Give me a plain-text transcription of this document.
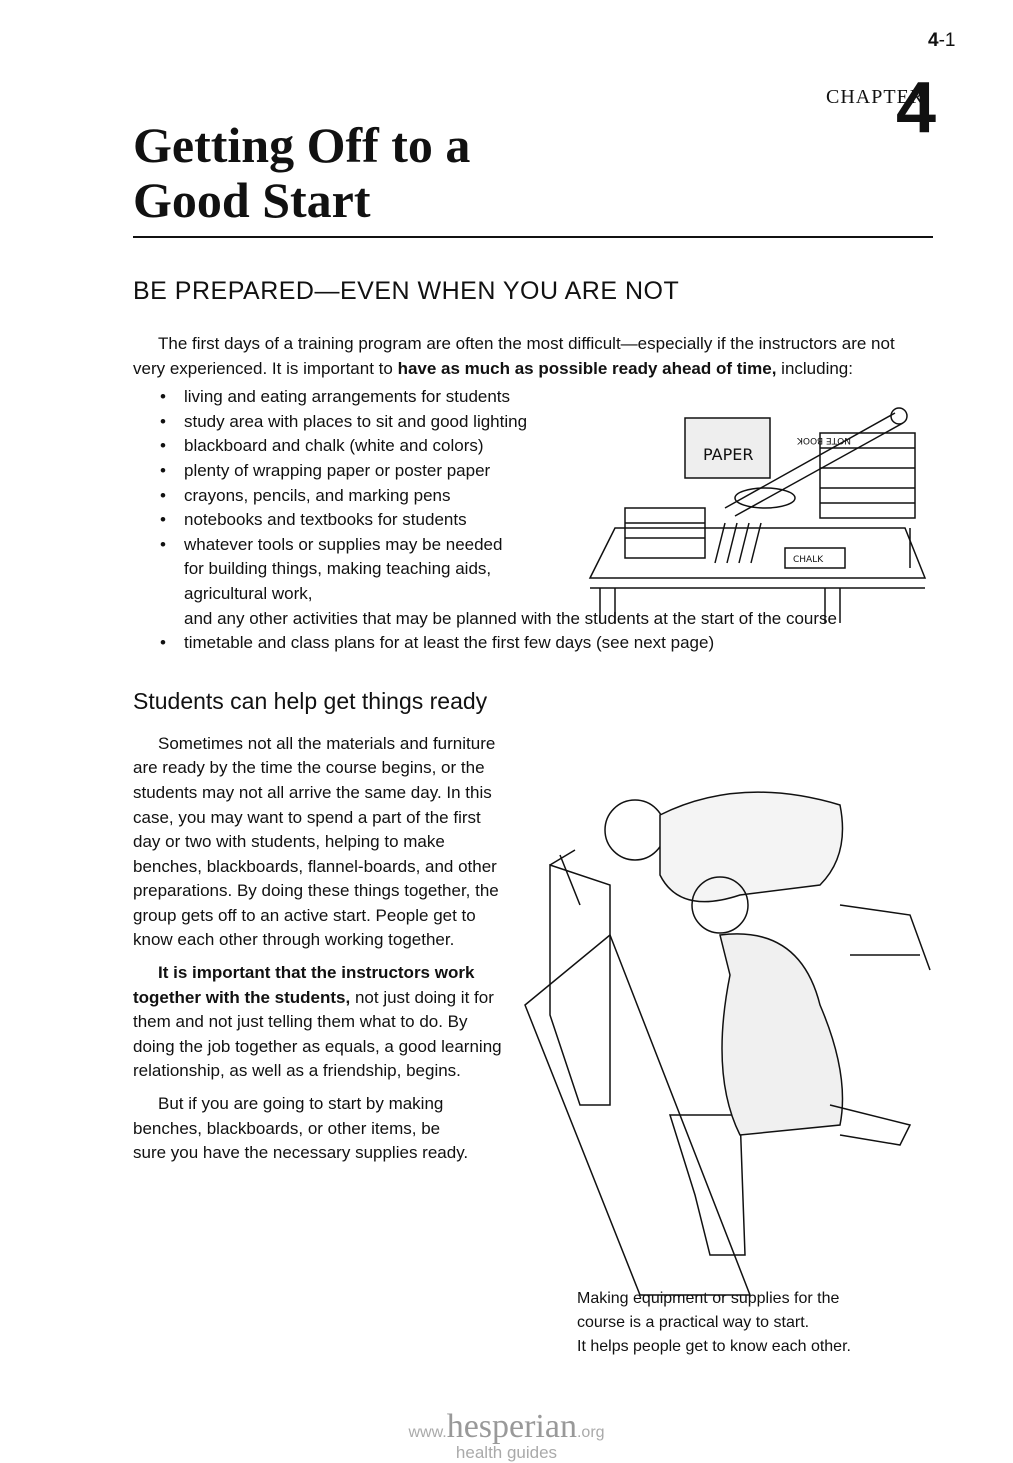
4-1
CHAPTER
4
Getting Off to a
Good Start
PAPER
NOTE BOOK
CHALK
BE PREPARED—EVEN WHEN YOU ARE NOT
The first days of a training program are often the most difficult—especially if the instructors are not very experienced. It is important to have as much as possible ready ahead of time, including:
• living and eating arrangements for students
• study area with places to sit and good lighting
• blackboard and chalk (white and colors)
• plenty of wrapping paper or poster paper
• crayons, pencils, and marking pens
• notebooks and textbooks for students
• whatever tools or supplies may be needed for building things, making teaching aids, agricultural work,
and any other activities that may be planned with the students at the start of the course
• timetable and class plans for at least the first few days (see next page)
Students can help get things ready

Sometimes not all the materials and furniture are ready by the time the course begins, or the students may not all arrive the same day. In this case, you may want to spend a part of the first day or two with students, helping to make benches, blackboards, flannel-boards, and other preparations. By doing these things together, the group gets off to an active start. People get to know each other through working together.

It is important that the instructors work together with the students, not just doing it for them and not just telling them what to do. By doing the job together as equals, a good learning relationship, as well as a friendship, begins.

But if you are going to start by making benches, blackboards, or other items, be sure you have the necessary supplies ready.

Making equipment or supplies for the
course is a practical way to start.
It helps people get to know each other.
www.hesperian.org
health guides
